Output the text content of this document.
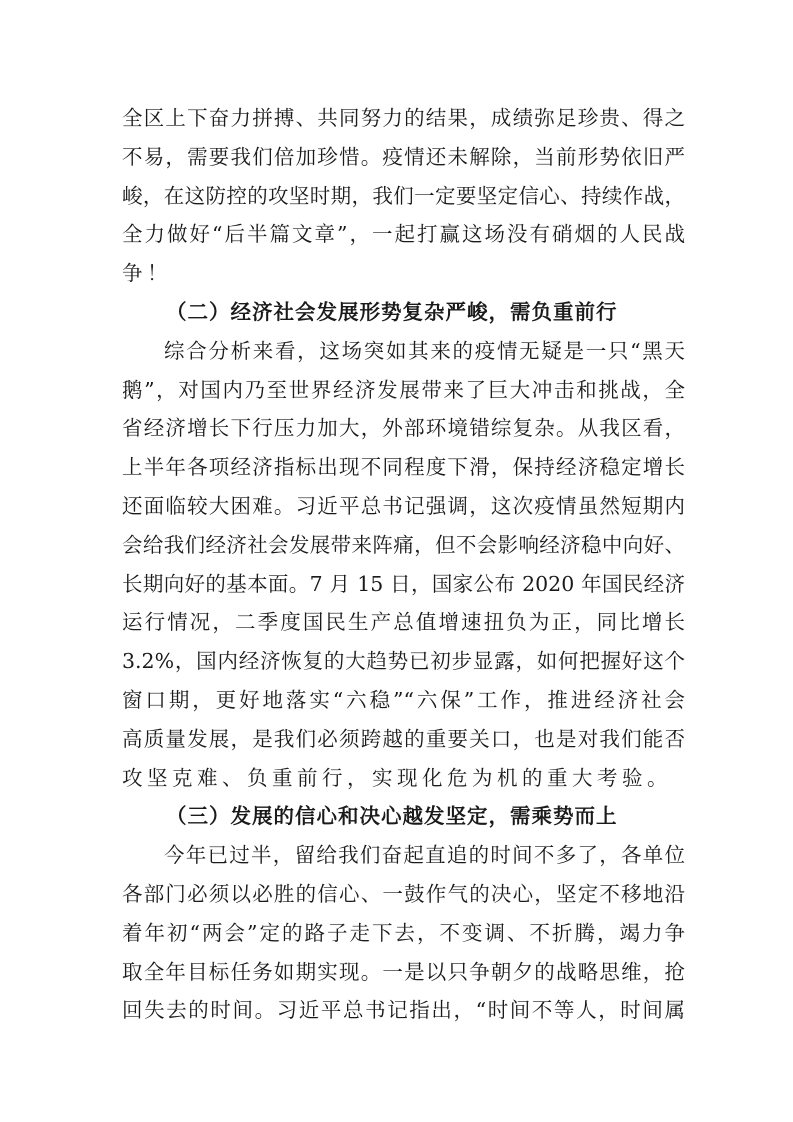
全区上下奋力拼搏、共同努力的结果，成绩弥足珍贵、得之
不易，需要我们倍加珍惜。疫情还未解除，当前形势依旧严
峻，在这防控的攻坚时期，我们一定要坚定信心、持续作战，
全力做好“后半篇文章”，一起打赢这场没有硝烟的人民战
争！
（二）经济社会发展形势复杂严峻，需负重前行
综合分析来看，这场突如其来的疫情无疑是一只“黑天
鹅”，对国内乃至世界经济发展带来了巨大冲击和挑战，全
省经济增长下行压力加大，外部环境错综复杂。从我区看，
上半年各项经济指标出现不同程度下滑，保持经济稳定增长
还面临较大困难。习近平总书记强调，这次疫情虽然短期内
会给我们经济社会发展带来阵痛，但不会影响经济稳中向好、
长期向好的基本面。7 月 15 日，国家公布 2020 年国民经济
运行情况，二季度国民生产总值增速扭负为正，同比增长
3.2%，国内经济恢复的大趋势已初步显露，如何把握好这个
窗口期，更好地落实“六稳”“六保”工作，推进经济社会
高质量发展，是我们必须跨越的重要关口，也是对我们能否
攻坚克难、负重前行，实现化危为机的重大考验。
（三）发展的信心和决心越发坚定，需乘势而上
今年已过半，留给我们奋起直追的时间不多了，各单位
各部门必须以必胜的信心、一鼓作气的决心，坚定不移地沿
着年初“两会”定的路子走下去，不变调、不折腾，竭力争
取全年目标任务如期实现。一是以只争朝夕的战略思维，抢
回失去的时间。习近平总书记指出，“时间不等人，时间属
